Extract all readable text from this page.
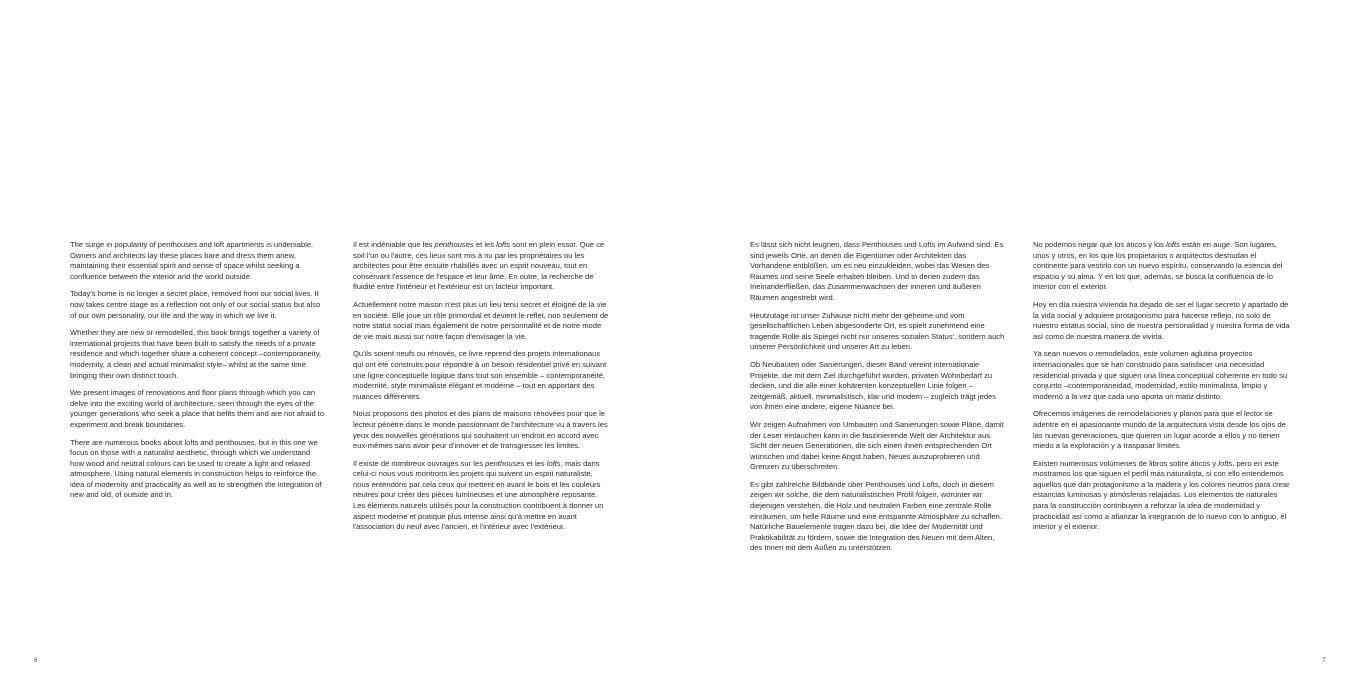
The surge in popularity of penthouses and loft apartments is undeniable. Owners and architects lay these places bare and dress them anew, maintaining their essential spirit and sense of space whilst seeking a confluence between the interior and the world outside.

Today's home is no longer a secret place, removed from our social lives. It now takes centre stage as a reflection not only of our social status but also of our own personality, our life and the way in which we live it.

Whether they are new or remodelled, this book brings together a variety of international projects that have been built to satisfy the needs of a private residence and which together share a coherent concept –contemporaneity, modernity, a clean and actual minimalist style– whilst at the same time bringing their own distinct touch.

We present images of renovations and floor plans through which you can delve into the exciting world of architecture, seen through the eyes of the younger generations who seek a place that befits them and are not afraid to experiment and break boundaries.

There are numerous books about lofts and penthouses, but in this one we focus on those with a naturalist aesthetic, through which we understand how wood and neutral colours can be used to create a light and relaxed atmosphere. Using natural elements in construction helps to reinforce the idea of modernity and practicality as well as to strengthen the integration of new and old, of outside and in.

Il est indéniable que les penthouses et les lofts sont en plein essor. Que ce soit l'un ou l'autre, ces lieux sont mis à nu par les propriétaires ou les architectes pour être ensuite rhabillés avec un esprit nouveau, tout en conservant l'essence de l'espace et leur âme. En outre, la recherche de fluidité entre l'intérieur et l'extérieur est un facteur important.

Actuellement notre maison n'est plus un lieu tenu secret et éloigné de la vie en société. Elle joue un rôle primordial et devient le reflet, non seulement de notre statut social mais également de notre personnalité et de notre mode de vie mais aussi sur notre façon d'envisager la vie.

Qu'ils soient neufs ou rénovés, ce livre reprend des projets internationaux qui ont été construits pour répondre à un besoin résidentiel privé en suivant une ligne conceptuelle logique dans tout son ensemble – contemporanéité, modernité, style minimaliste élégant et moderne – tout en apportant des nuances différentes.

Nous proposons des photos et des plans de maisons rénovées pour que le lecteur pénètre dans le monde passionnant de l'architecture vu à travers les yeux des nouvelles générations qui souhaitent un endroit en accord avec eux-mêmes sans avoir peur d'innover et de transgresser les limites.

Il existe de nombreux ouvrages sur les penthouses et les lofts, mais dans celui-ci nous vous montrons les projets qui suivent un esprit naturaliste, nous entendons par cela ceux qui mettent en avant le bois et les couleurs neutres pour créer des pièces lumineuses et une atmosphère reposante. Les éléments naturels utilisés pour la construction contribuent à donner un aspect moderne et pratique plus intense ainsi qu'à mettre en avant l'association du neuf avec l'ancien, et l'intérieur avec l'extérieur.

6

Es lässt sich nicht leugnen, dass Penthouses und Lofts im Aufwind sind. Es sind jeweils Orte, an denen die Eigentümer oder Architekten das Vorhandene entblößen, um es neu einzukleiden, wobei das Wesen des Raumes und seine Seele erhalten bleiben. Und in denen zudem das Ineinanderfließen, das Zusammenwachsen der inneren und äußeren Räumen angestrebt wird.

Heutzutage ist unser Zuhause nicht mehr der geheime und vom gesellschaftlichen Leben abgesonderte Ort, es spielt zunehmend eine tragende Rolle als Spiegel nicht nur unseres sozialen Status', sondern auch unserer Persönlichkeit und unserer Art zu leben.

Ob Neubauten oder Sanierungen, dieser Band vereint internationale Projekte, die mit dem Ziel durchgeführt wurden, privaten Wohnbedarf zu decken, und die alle einer kohärenten konzeptuellen Linie folgen – zeitgemäß, aktuell, minimalistisch, klar und modern – zugleich trägt jedes von ihnen eine andere, eigene Nuance bei.

Wir zeigen Aufnahmen von Umbauten und Sanierungen sowie Pläne, damit der Leser eintauchen kann in die faszinierende Welt der Architektur aus Sicht der neuen Generationen, die sich einen ihnen entsprechenden Ort wünschen und dabei keine Angst haben, Neues auszuprobieren und Grenzen zu überschreiten.

Es gibt zahlreiche Bildbände über Penthouses und Lofts, doch in diesem zeigen wir solche, die dem naturalistischen Profil folgen, worunter wir diejenigen verstehen, die Holz und neutralen Farben eine zentrale Rolle einräumen, um helle Räume und eine entspannte Atmosphäre zu schaffen. Natürliche Bauelemente tragen dazu bei, die Idee der Modernität und Praktikabilität zu fördern, sowie die Integration des Neuen mit dem Alten, des Innen mit dem Außen zu unterstützen.

No podemos negar que los áticos y los lofts están en auge. Son lugares, unos y otros, en los que los propietarios o arquitectos desnudan el continente para vestirlo con un nuevo espíritu, conservando la esencia del espacio y su alma. Y en los que, además, se busca la confluencia de lo interior con el exterior.

Hoy en día nuestra vivienda ha dejado de ser el lugar secreto y apartado de la vida social y adquiere protagonismo para hacerse reflejo, no solo de nuestro estatus social, sino de nuestra personalidad y nuestra forma de vida así como de nuestra manera de vivirla.

Ya sean nuevos o remodelados, este volumen aglutina proyectos internacionales que se han construido para satisfacer una necesidad residencial privada y que siguen una línea conceptual coherente en todo su conjunto –contemporaneidad, modernidad, estilo minimalista, limpio y moderno a la vez que cada uno aporta un matiz distinto.

Ofrecemos imágenes de remodelaciones y planos para que el lector se adentre en el apasionante mundo de la arquitectura vista desde los ojos de las nuevas generaciones, que quieren un lugar acorde a ellos y no tienen miedo a la exploración y a traspasar límites.

Existen numerosos volúmenes de libros sobre áticos y lofts, pero en este mostramos los que siguen el perfil más naturalista, si con ello entendemos aquellos que dan protagonismo a la madera y los colores neutros para crear estancias luminosas y atmósferas relajadas. Los elementos de naturales para la construcción contribuyen a reforzar la idea de modernidad y practicidad así como a afianzar la integración de lo nuevo con lo antiguo, el interior y el exterior.

7
